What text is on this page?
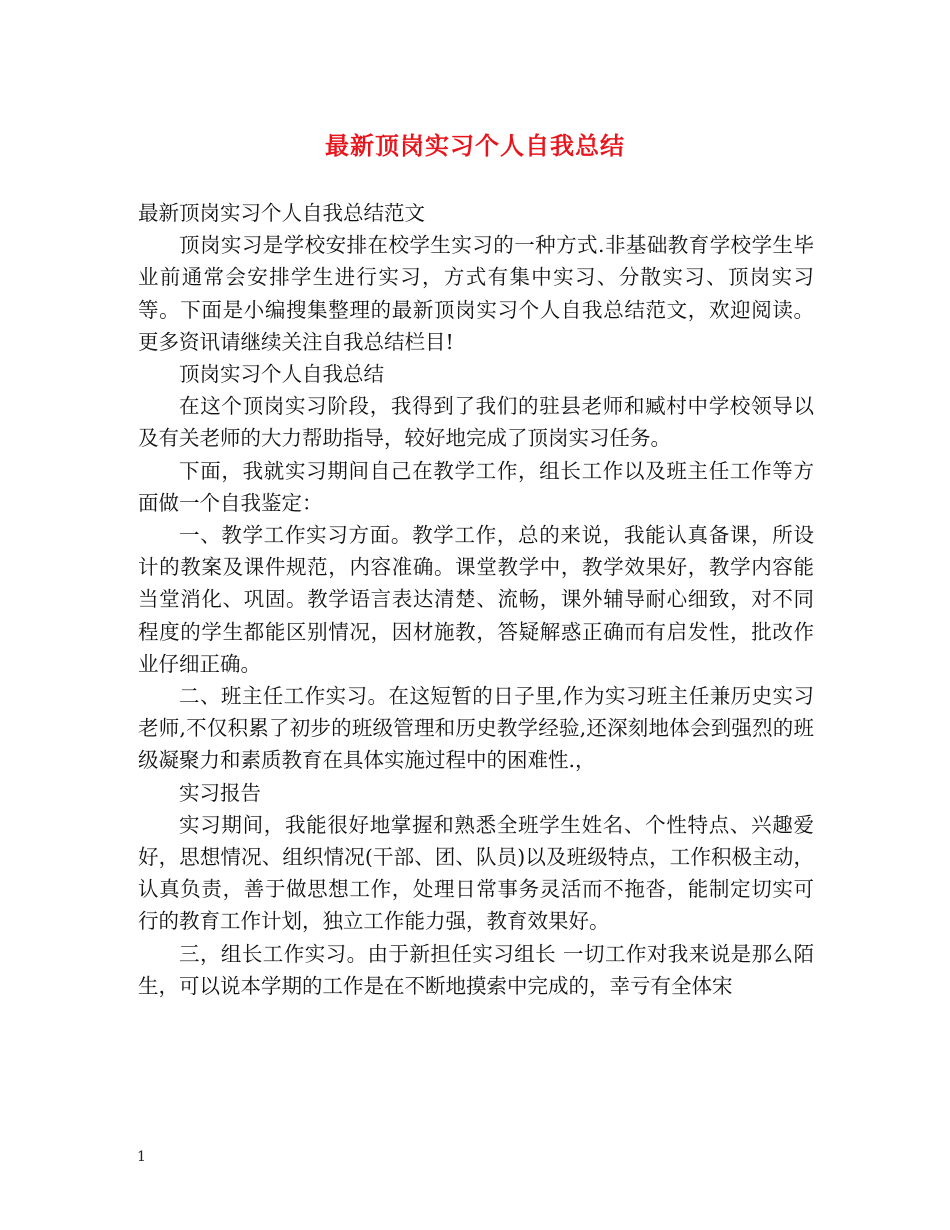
最新顶岗实习个人自我总结

最新顶岗实习个人自我总结范文

顶岗实习是学校安排在校学生实习的一种方式.非基础教育学校学生毕业前通常会安排学生进行实习，方式有集中实习、分散实习、顶岗实习等。下面是小编搜集整理的最新顶岗实习个人自我总结范文，欢迎阅读。更多资讯请继续关注自我总结栏目!

顶岗实习个人自我总结

在这个顶岗实习阶段，我得到了我们的驻县老师和臧村中学校领导以及有关老师的大力帮助指导，较好地完成了顶岗实习任务。

下面，我就实习期间自己在教学工作，组长工作以及班主任工作等方面做一个自我鉴定：

一、教学工作实习方面。教学工作，总的来说，我能认真备课，所设计的教案及课件规范，内容准确。课堂教学中，教学效果好，教学内容能当堂消化、巩固。教学语言表达清楚、流畅，课外辅导耐心细致，对不同程度的学生都能区别情况，因材施教，答疑解惑正确而有启发性，批改作业仔细正确。

二、班主任工作实习。在这短暂的日子里,作为实习班主任兼历史实习老师,不仅积累了初步的班级管理和历史教学经验,还深刻地体会到强烈的班级凝聚力和素质教育在具体实施过程中的困难性.，

实习报告

实习期间，我能很好地掌握和熟悉全班学生姓名、个性特点、兴趣爱好，思想情况、组织情况(干部、团、队员)以及班级特点，工作积极主动，认真负责，善于做思想工作，处理日常事务灵活而不拖沓，能制定切实可行的教育工作计划，独立工作能力强，教育效果好。

三，组长工作实习。由于新担任实习组长 一切工作对我来说是那么陌生，可以说本学期的工作是在不断地摸索中完成的，幸亏有全体宋

1
